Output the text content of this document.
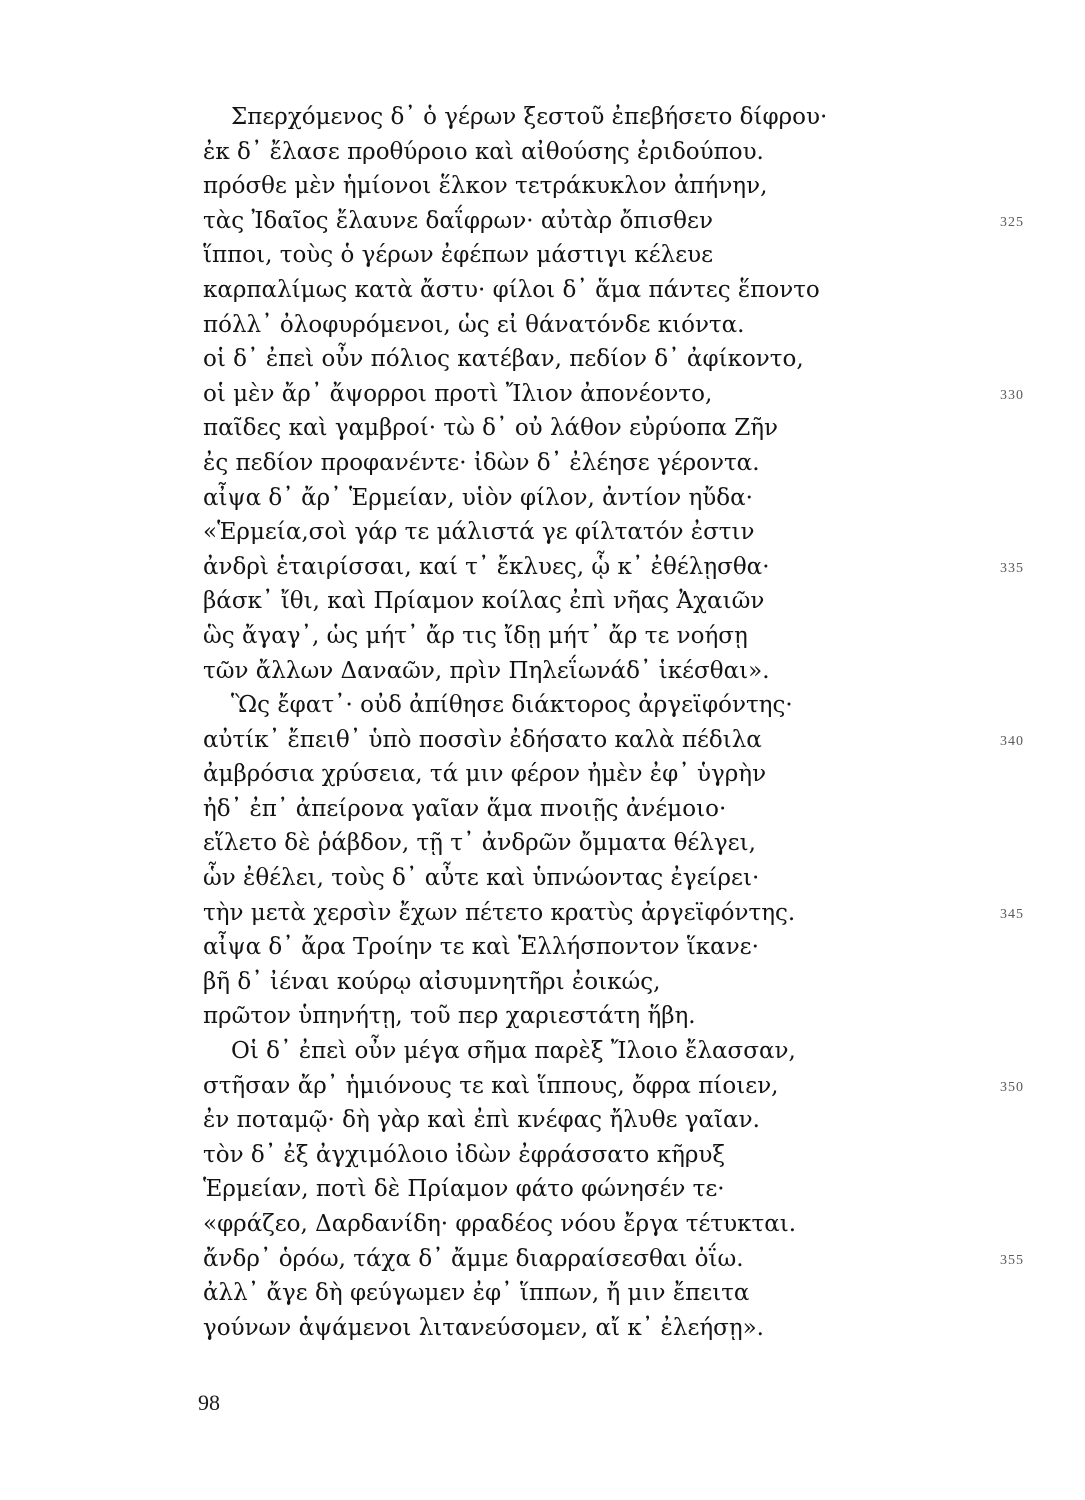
Σπερχόμενος δ᾽ ὁ γέρων ξεστοῦ ἐπεβήσετο δίφρου·
ἐκ δ᾽ ἔλασε προθύροιο καὶ αἰθούσης ἐριδούπου.
πρόσθε μὲν ἡμίονοι ἕλκον τετράκυκλον ἀπήνην,
τὰς Ἰδαῖος ἔλαυνε δαΐφρων· αὐτὰρ ὄπισθεν	325
ἵπποι, τοὺς ὁ γέρων ἐφέπων μάστιγι κέλευε
καρπαλίμως κατὰ ἄστυ· φίλοι δ᾽ ἅμα πάντες ἕποντο
πόλλ᾽ ὀλοφυρόμενοι, ὡς εἰ θάνατόνδε κιόντα.
οἱ δ᾽ ἐπεὶ οὖν πόλιος κατέβαν, πεδίον δ᾽ ἀφίκοντο,
οἱ μὲν ἄρ᾽ ἄψορροι προτὶ Ἴλιον ἀπονέοντο,	330
παῖδες καὶ γαμβροί· τὼ δ᾽ οὐ λάθον εὐρύοπα Ζῆν
ἐς πεδίον προφανέντε· ἰδὼν δ᾽ ἐλέησε γέροντα.
αἶψα δ᾽ ἄρ᾽ Ἑρμείαν, υἱὸν φίλον, ἀντίον ηὔδα·
«Ἑρμεία,σοὶ γάρ τε μάλιστά γε φίλτατόν ἐστιν
ἀνδρὶ ἑταιρίσσαι, καί τ᾽ ἔκλυες, ᾧ κ᾽ ἐθέλῃσθα·	335
βάσκ᾽ ἴθι, καὶ Πρίαμον κοίλας ἐπὶ νῆας Ἀχαιῶν
ὣς ἄγαγ᾽, ὡς μήτ᾽ ἄρ τις ἴδῃ μήτ᾽ ἄρ τε νοήσῃ
τῶν ἄλλων Δαναῶν, πρὶν Πηλεΐωνάδ᾽ ἱκέσθαι».
Ὣς ἔφατ᾽· οὐδ ἀπίθησε διάκτορος ἀργεϊφόντης·
αὐτίκ᾽ ἔπειθ᾽ ὑπὸ ποσσὶν ἐδήσατο καλὰ πέδιλα	340
ἀμβρόσια χρύσεια, τά μιν φέρον ἠμὲν ἐφ᾽ ὑγρὴν
ἠδ᾽ ἐπ᾽ ἀπείρονα γαῖαν ἅμα πνοιῇς ἀνέμοιο·
εἵλετο δὲ ῥάβδον, τῇ τ᾽ ἀνδρῶν ὄμματα θέλγει,
ὧν ἐθέλει, τοὺς δ᾽ αὖτε καὶ ὑπνώοντας ἐγείρει·
τὴν μετὰ χερσὶν ἔχων πέτετο κρατὺς ἀργεϊφόντης.	345
αἶψα δ᾽ ἄρα Τροίην τε καὶ Ἑλλήσποντον ἵκανε·
βῆ δ᾽ ἰέναι κούρῳ αἰσυμνητῆρι ἐοικώς,
πρῶτον ὑπηνήτῃ, τοῦ περ χαριεστάτη ἥβη.
Οἱ δ᾽ ἐπεὶ οὖν μέγα σῆμα παρὲξ Ἴλοιο ἔλασσαν,
στῆσαν ἄρ᾽ ἡμιόνους τε καὶ ἵππους, ὄφρα πίοιεν,	350
ἐν ποταμῷ· δὴ γὰρ καὶ ἐπὶ κνέφας ἤλυθε γαῖαν.
τὸν δ᾽ ἐξ ἀγχιμόλοιο ἰδὼν ἐφράσσατο κῆρυξ
Ἑρμείαν, ποτὶ δὲ Πρίαμον φάτο φώνησέν τε·
«φράζεο, Δαρδανίδη· φραδέος νόου ἔργα τέτυκται.
ἄνδρ᾽ ὁρόω, τάχα δ᾽ ἄμμε διαρραίσεσθαι ὀΐω.	355
ἀλλ᾽ ἄγε δὴ φεύγωμεν ἐφ᾽ ἵππων, ἤ μιν ἔπειτα
γούνων ἁψάμενοι λιτανεύσομεν, αἴ κ᾽ ἐλεήσῃ».
98
